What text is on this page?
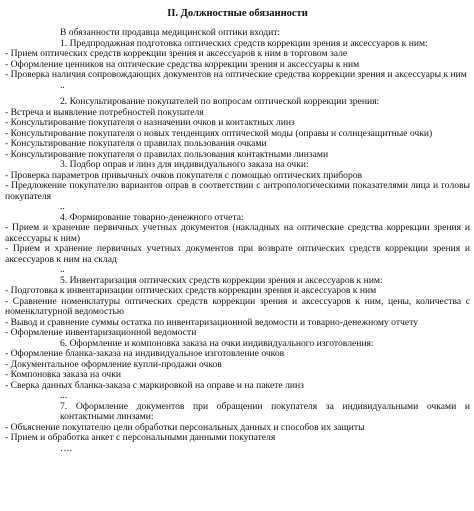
II. Должностные обязанности
В обязанности продавца медицинской оптики входит:
1. Предпродажная подготовка оптических средств коррекции зрения и аксессуаров к ним:
- Прием оптических средств коррекции зрения и аксессуаров к ним в торговом зале
- Оформление ценников на оптические средства коррекции зрения и аксессуары к ним
- Проверка наличия сопровождающих документов на оптические средства коррекции зрения и аксессуары к ним
..
2. Консультирование покупателей по вопросам оптической коррекции зрения:
- Встреча и выявление потребностей покупателя
- Консультирование покупателя о назначении очков и контактных линз
- Консультирование покупателя о новых тенденциях оптической моды (оправы и солнцезащитные очки)
- Консультирование покупателя о правилах пользования очками
- Консультирование покупателя о правилах пользования контактными линзами
3. Подбор оправ и линз для индивидуального заказа на очки:
- Проверка параметров привычных очков покупателя с помощью оптических приборов
- Предложение покупателю вариантов оправ в соответствии с антропологическими показателями лица и головы покупателя
..
4. Формирование товарно-денежного отчета:
- Прием и хранение первичных учетных документов (накладных на оптические средства коррекции зрения и аксессуары к ним)
- Прием и хранение первичных учетных документов при возврате оптических средств коррекции зрения и аксессуаров к ним на склад
..
5. Инвентаризация оптических средств коррекции зрения и аксессуаров к ним:
- Подготовка к инвентаризации оптических средств коррекции зрения и аксессуаров к ним
- Сравнение номенклатуры оптических средств коррекции зрения и аксессуаров к ним, цены, количества с номенклатурной ведомостью
- Вывод и сравнение суммы остатка по инвентаризационной ведомости и товарно-денежному отчету
- Оформление инвентаризационной ведомости
6. Оформление и компоновка заказа на очки индивидуального изготовления:
- Оформление бланка-заказа на индивидуальное изготовление очков
- Документальное оформление купли-продажи очков
- Компоновка заказа на очки
- Сверка данных бланка-заказа с маркировкой на оправе и на пакете линз
...
7. Оформление документов при обращении покупателя за индивидуальными очками и контактными линзами:
- Объяснение покупателю цели обработки персональных данных и способов их защиты
- Прием и обработка анкет с персональными данными покупателя
….
